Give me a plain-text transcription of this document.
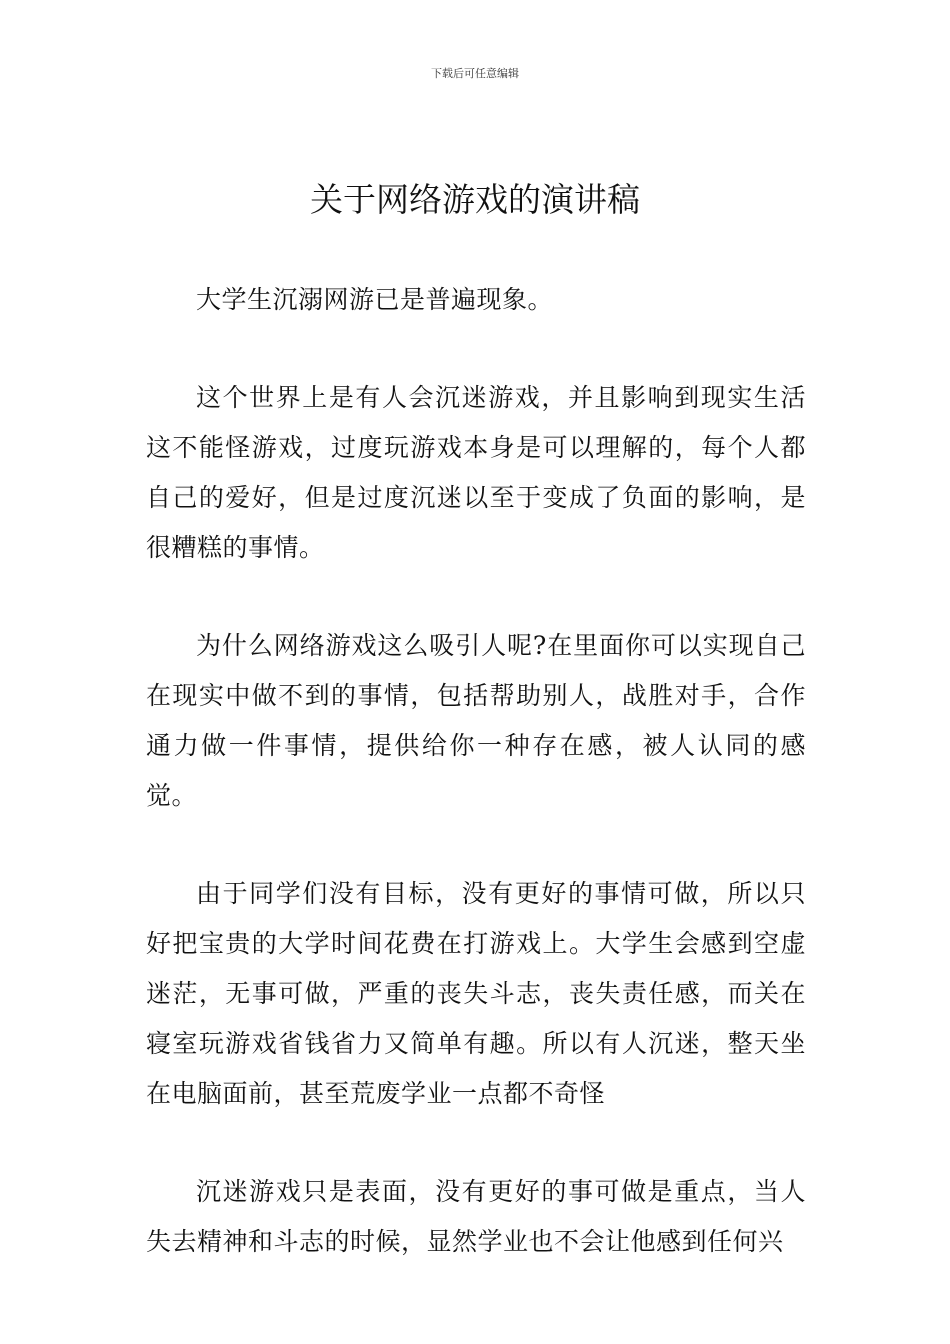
下载后可任意编辑
关于网络游戏的演讲稿

大学生沉溺网游已是普遍现象。

这个世界上是有人会沉迷游戏，并且影响到现实生活这不能怪游戏，过度玩游戏本身是可以理解的，每个人都自己的爱好，但是过度沉迷以至于变成了负面的影响，是很糟糕的事情。

为什么网络游戏这么吸引人呢?在里面你可以实现自己在现实中做不到的事情，包括帮助别人，战胜对手，合作通力做一件事情，提供给你一种存在感，被人认同的感觉。

由于同学们没有目标，没有更好的事情可做，所以只好把宝贵的大学时间花费在打游戏上。大学生会感到空虚迷茫，无事可做，严重的丧失斗志，丧失责任感，而关在寝室玩游戏省钱省力又简单有趣。所以有人沉迷，整天坐在电脑面前，甚至荒废学业一点都不奇怪

沉迷游戏只是表面，没有更好的事可做是重点，当人失去精神和斗志的时候，显然学业也不会让他感到任何兴
